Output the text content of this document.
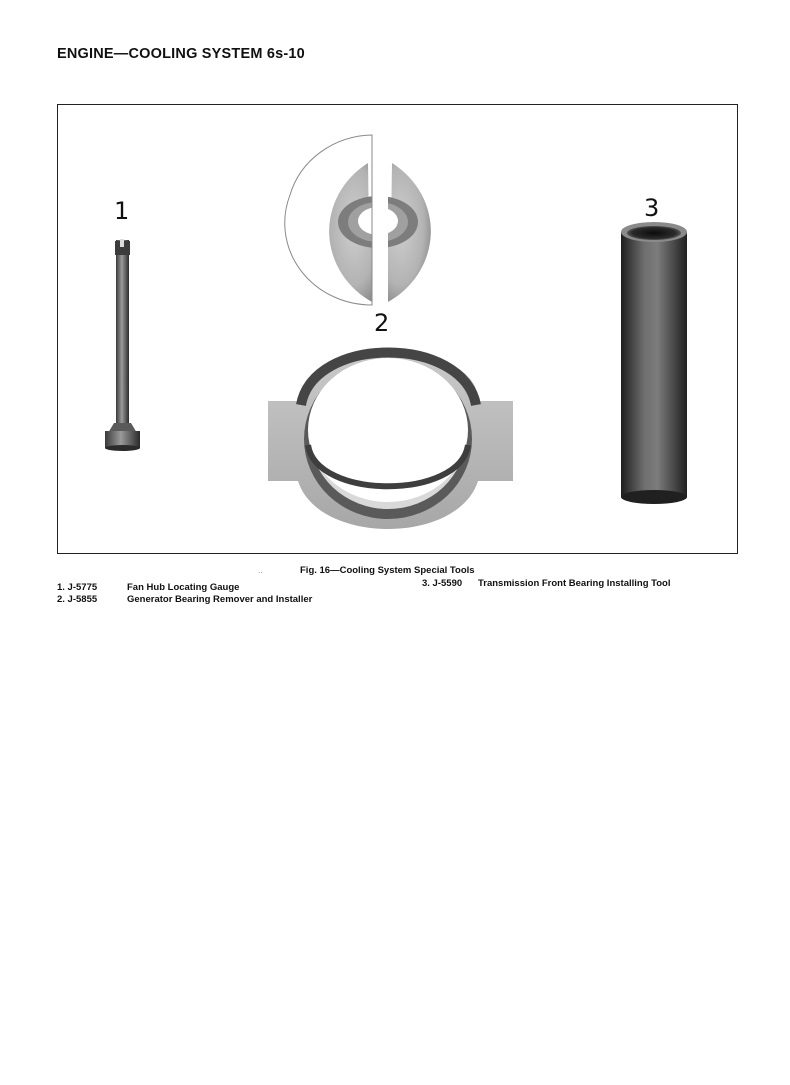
ENGINE—COOLING SYSTEM 6s-10
1
2
3
‥	Fig. 16—Cooling System Special Tools
1. J-5775	Fan Hub Locating Gauge
2. J-5855	Generator Bearing Remover and Installer
3. J-5590 Transmission Front Bearing Installing Tool
